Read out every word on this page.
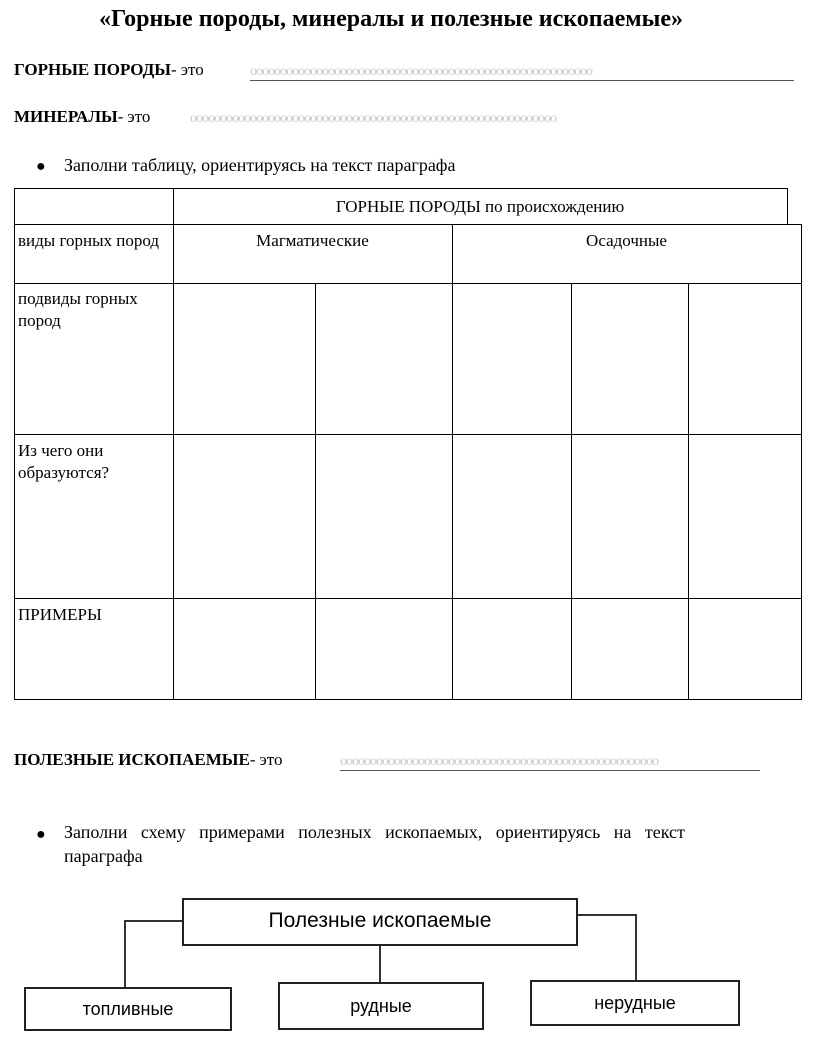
«Горные породы, минералы и полезные ископаемые»
ГОРНЫЕ ПОРОДЫ- это	ооооооооооооооооооооооооооооооооооооооооооооооооооооооооо
МИНЕРАЛЫ- это	ооооооооооооооооооооооооооооооооооооооооооооооооооооооооооооо
● Заполни таблицу, ориентируясь на текст параграфа
ГОРНЫЕ ПОРОДЫ по происхождению
виды горных пород	Магматические	Осадочные
подвиды горных пород
Из чего они образуются?
ПРИМЕРЫ
ПОЛЕЗНЫЕ ИСКОПАЕМЫЕ- это	ооооооооооооооооооооооооооооооооооооооооооооооооооооо
● Заполни   схему   примерами   полезных   ископаемых,   ориентируясь   на   текст
параграфа
Полезные ископаемые
топливные	рудные	нерудные
